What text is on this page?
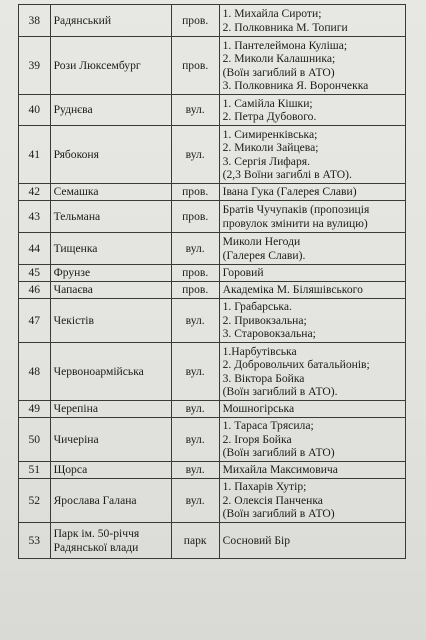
38	Радянський	пров.	1. Михайла Сироти;
2. Полковника М. Топиги

39	Рози Люксембург	пров.	1. Пантелеймона Куліша;
2. Миколи Калашника;
(Воїн загиблий в АТО)
3. Полковника Я. Ворончекка

40	Руднєва	вул.	1. Самійла Кішки;
2. Петра Дубового.

41	Рябоконя	вул.	1. Симиренківська;
2. Миколи Зайцева;
3. Сергія Лифаря.
(2,3 Воїни загиблі в АТО).

42	Семашка	пров.	Івана Гука (Галерея Слави)

43	Тельмана	пров.	Братів Чучупаків (пропозиція
провулок змінити на вулицю)

44	Тищенка	вул.	Миколи Негоди
(Галерея Слави).

45	Фрунзе	пров.	Горовий

46	Чапаєва	пров.	Академіка М. Біляшівського

47	Чекістів	вул.	1. Грабарська.
2. Привокзальна;
3. Старовокзальна;

48	Червоноармійська	вул.	1.Нарбутівська
2. Добровольчих батальйонів;
3. Віктора Бойка
(Воїн загиблий в АТО).

49	Черепіна	вул.	Мошногірська

50	Чичеріна	вул.	1. Тараса Трясила;
2. Ігоря Бойка
(Воїн загиблий в АТО)

51	Щорса	вул.	Михайла Максимовича

52	Ярослава Галана	вул.	1. Пахарів Хутір;
2. Олексія Панченка
(Воїн загиблий в АТО)

53	Парк ім. 50-річчя
Радянської влади	парк	Сосновий Бір
